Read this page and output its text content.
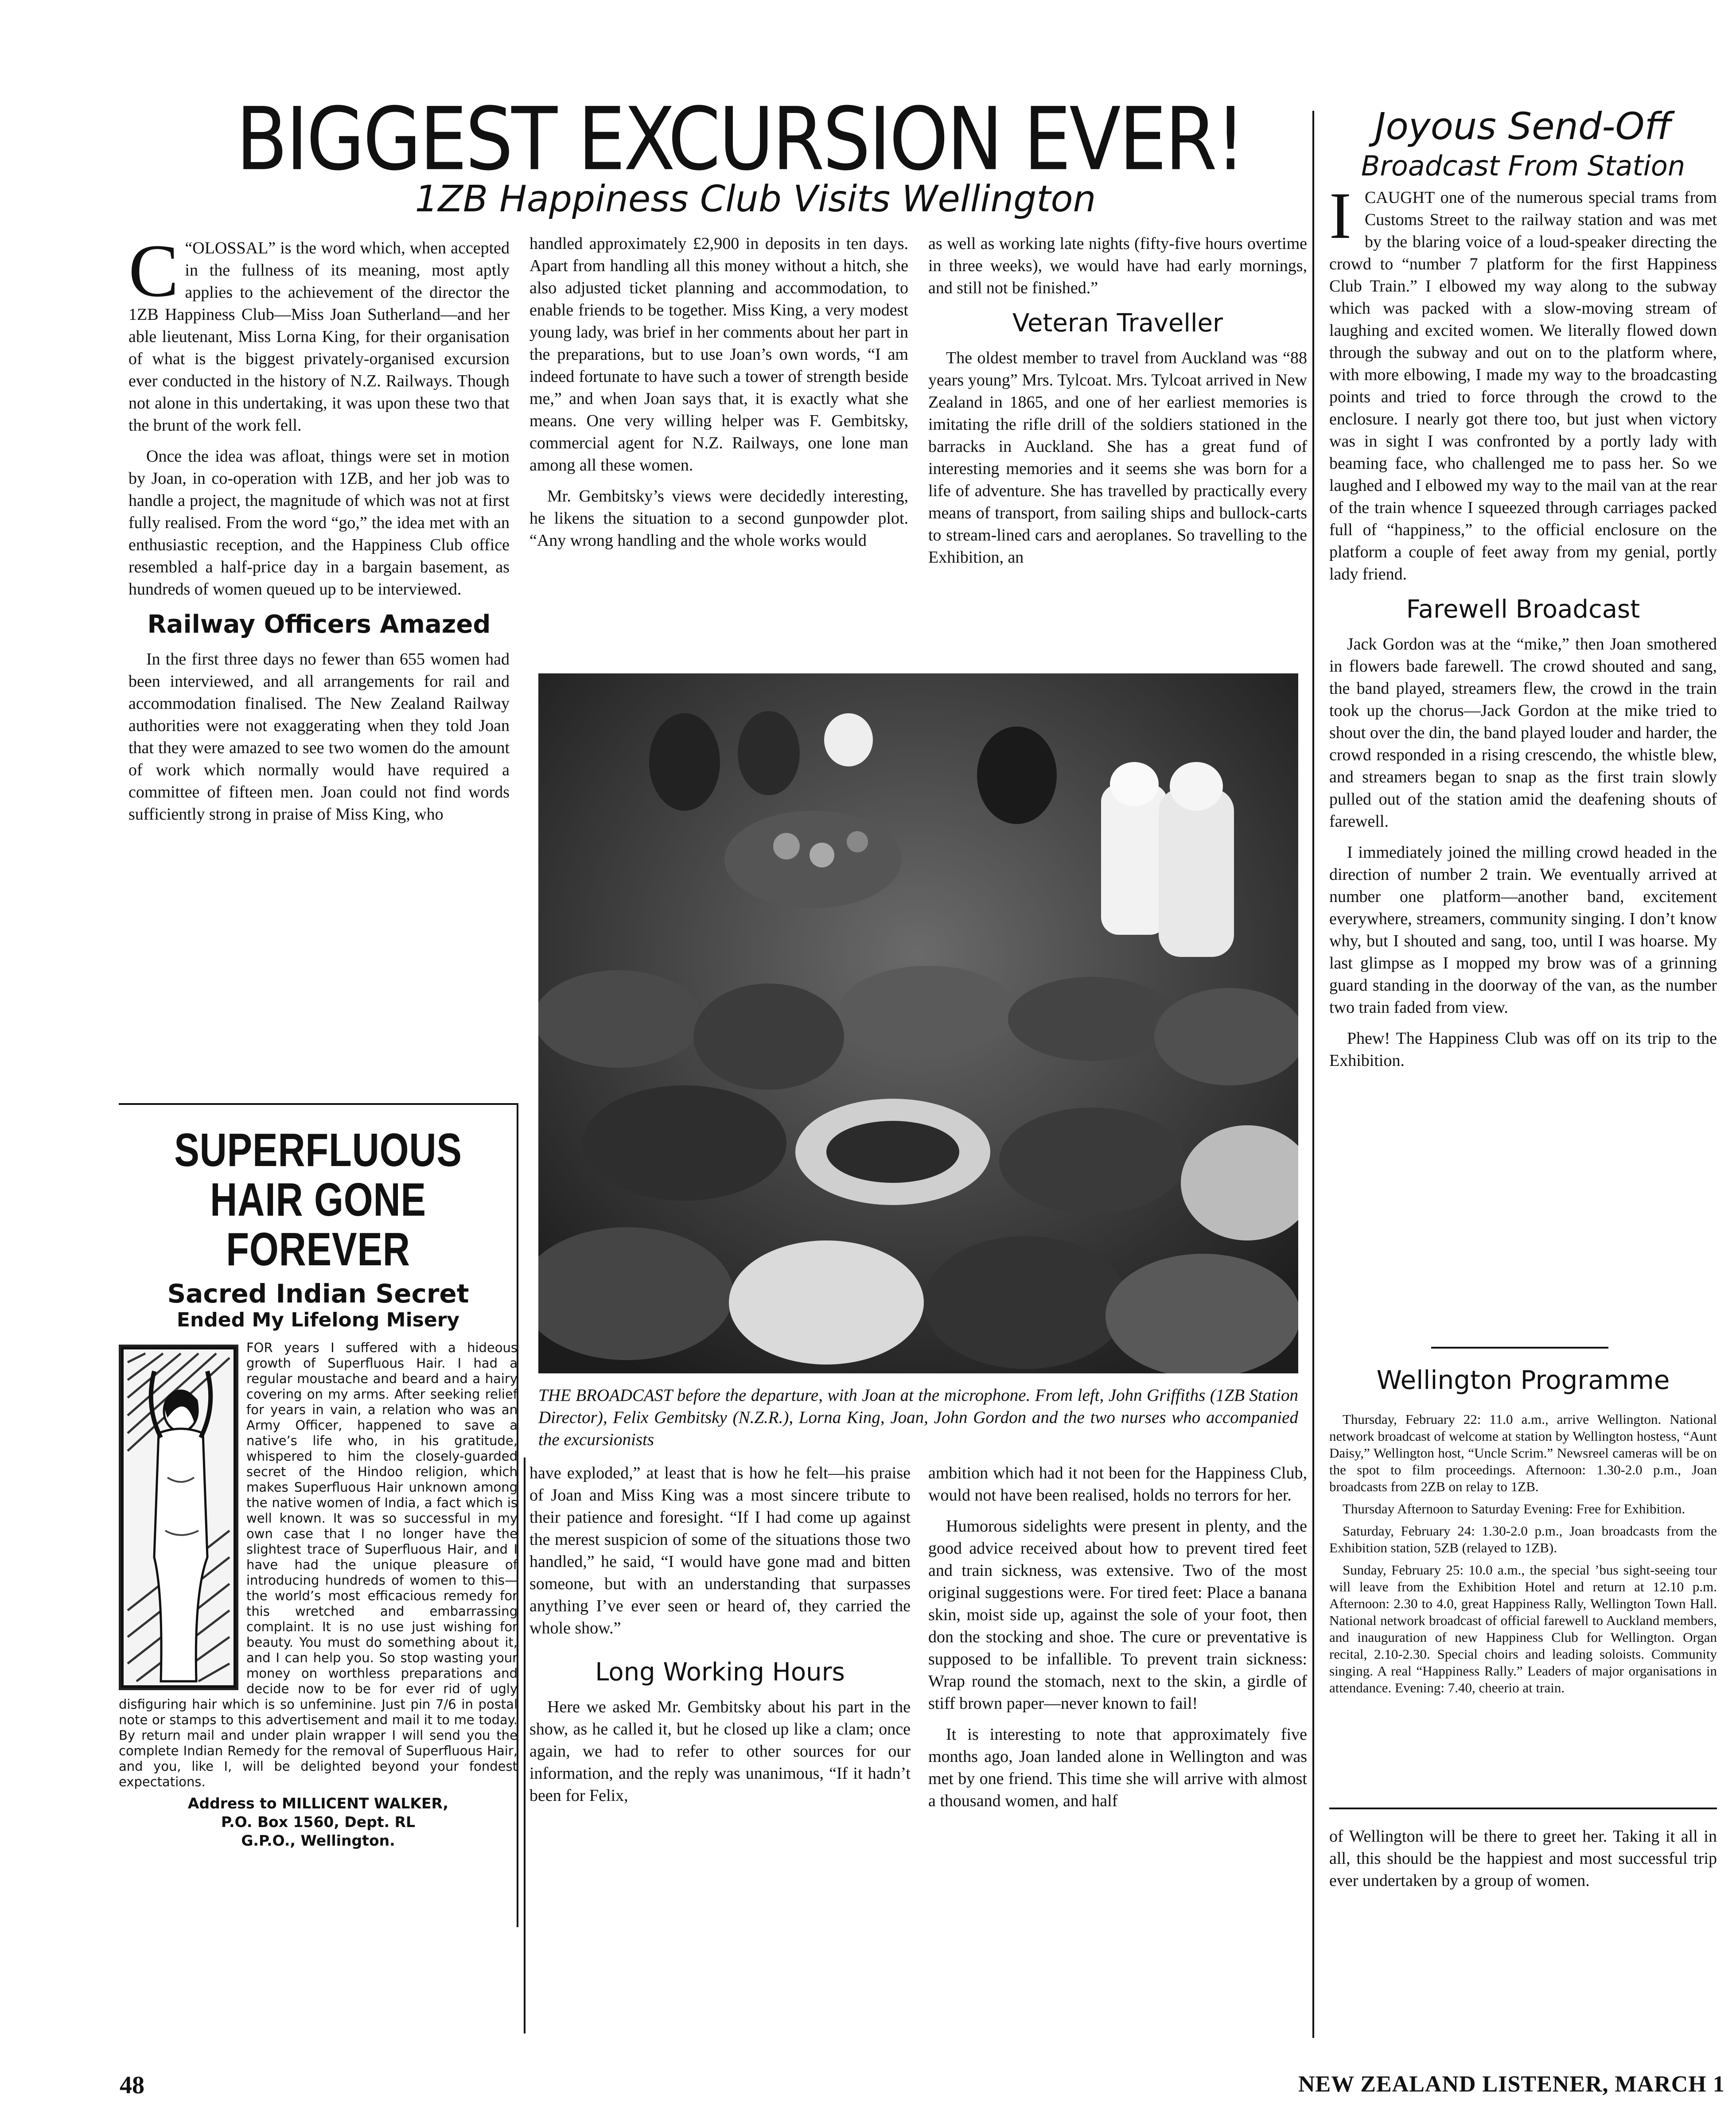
BIGGEST EXCURSION EVER!
1ZB Happiness Club Visits Wellington

C “OLOSSAL” is the word which, when accepted in the fullness of its meaning, most aptly applies to the achievement of the director the 1ZB Happiness Club—Miss Joan Sutherland—and her able lieutenant, Miss Lorna King, for their organisation of what is the biggest privately-organised excursion ever conducted in the history of N.Z. Railways. Though not alone in this undertaking, it was upon these two that the brunt of the work fell.

Once the idea was afloat, things were set in motion by Joan, in co-operation with 1ZB, and her job was to handle a project, the magnitude of which was not at first fully realised. From the word “go,” the idea met with an enthusiastic reception, and the Happiness Club office resembled a half-price day in a bargain basement, as hundreds of women queued up to be interviewed.

Railway Officers Amazed

In the first three days no fewer than 655 women had been interviewed, and all arrangements for rail and accommodation finalised. The New Zealand Railway authorities were not exaggerating when they told Joan that they were amazed to see two women do the amount of work which normally would have required a committee of fifteen men. Joan could not find words sufficiently strong in praise of Miss King, who

handled approximately £2,900 in deposits in ten days. Apart from handling all this money without a hitch, she also adjusted ticket planning and accommodation, to enable friends to be together. Miss King, a very modest young lady, was brief in her comments about her part in the preparations, but to use Joan’s own words, “I am indeed fortunate to have such a tower of strength beside me,” and when Joan says that, it is exactly what she means. One very willing helper was F. Gembitsky, commercial agent for N.Z. Railways, one lone man among all these women.

Mr. Gembitsky’s views were decidedly interesting, he likens the situation to a second gunpowder plot. “Any wrong handling and the whole works would

as well as working late nights (fifty-five hours overtime in three weeks), we would have had early mornings, and still not be finished.”

Veteran Traveller

The oldest member to travel from Auckland was “88 years young” Mrs. Tylcoat. Mrs. Tylcoat arrived in New Zealand in 1865, and one of her earliest memories is imitating the rifle drill of the soldiers stationed in the barracks in Auckland. She has a great fund of interesting memories and it seems she was born for a life of adventure. She has travelled by practically every means of transport, from sailing ships and bullock-carts to stream-lined cars and aeroplanes. So travelling to the Exhibition, an

THE BROADCAST before the departure, with Joan at the microphone. From left, John Griffiths (1ZB Station Director), Felix Gembitsky (N.Z.R.), Lorna King, Joan, John Gordon and the two nurses who accompanied the excursionists
Joyous Send-Off
Broadcast From Station

ICAUGHT one of the numerous special trams from Customs Street to the railway station and was met by the blaring voice of a loud-speaker directing the crowd to “number 7 platform for the first Happiness Club Train.” I elbowed my way along to the subway which was packed with a slow-moving stream of laughing and excited women. We literally flowed down through the subway and out on to the platform where, with more elbowing, I made my way to the broadcasting points and tried to force through the crowd to the enclosure. I nearly got there too, but just when victory was in sight I was confronted by a portly lady with beaming face, who challenged me to pass her. So we laughed and I elbowed my way to the mail van at the rear of the train whence I squeezed through carriages packed full of “happiness,” to the official enclosure on the platform a couple of feet away from my genial, portly lady friend.

Farewell Broadcast

Jack Gordon was at the “mike,” then Joan smothered in flowers bade farewell. The crowd shouted and sang, the band played, streamers flew, the crowd in the train took up the chorus—Jack Gordon at the mike tried to shout over the din, the band played louder and harder, the crowd responded in a rising crescendo, the whistle blew, and streamers began to snap as the first train slowly pulled out of the station amid the deafening shouts of farewell.

I immediately joined the milling crowd headed in the direction of number 2 train. We eventually arrived at number one platform—another band, excitement everywhere, streamers, community singing. I don’t know why, but I shouted and sang, too, until I was hoarse. My last glimpse as I mopped my brow was of a grinning guard standing in the doorway of the van, as the number two train faded from view.

Phew! The Happiness Club was off on its trip to the Exhibition.

Wellington Programme

Thursday, February 22: 11.0 a.m., arrive Wellington. National network broadcast of welcome at station by Wellington hostess, “Aunt Daisy,” Wellington host, “Uncle Scrim.” Newsreel cameras will be on the spot to film proceedings. Afternoon: 1.30-2.0 p.m., Joan broadcasts from 2ZB on relay to 1ZB.

Thursday Afternoon to Saturday Evening: Free for Exhibition.

Saturday, February 24: 1.30-2.0 p.m., Joan broadcasts from the Exhibition station, 5ZB (relayed to 1ZB).

Sunday, February 25: 10.0 a.m., the special ’bus sight-seeing tour will leave from the Exhibition Hotel and return at 12.10 p.m. Afternoon: 2.30 to 4.0, great Happiness Rally, Wellington Town Hall. National network broadcast of official farewell to Auckland members, and inauguration of new Happiness Club for Wellington. Organ recital, 2.10-2.30. Special choirs and leading soloists. Community singing. A real “Happiness Rally.” Leaders of major organisations in attendance. Evening: 7.40, cheerio at train.

have exploded,” at least that is how he felt—his praise of Joan and Miss King was a most sincere tribute to their patience and foresight. “If I had come up against the merest suspicion of some of the situations those two handled,” he said, “I would have gone mad and bitten someone, but with an understanding that surpasses anything I’ve ever seen or heard of, they carried the whole show.”

Long Working Hours

Here we asked Mr. Gembitsky about his part in the show, as he called it, but he closed up like a clam; once again, we had to refer to other sources for our information, and the reply was unanimous, “If it hadn’t been for Felix,

ambition which had it not been for the Happiness Club, would not have been realised, holds no terrors for her.

Humorous sidelights were present in plenty, and the good advice received about how to prevent tired feet and train sickness, was extensive. Two of the most original suggestions were. For tired feet: Place a banana skin, moist side up, against the sole of your foot, then don the stocking and shoe. The cure or preventative is supposed to be infallible. To prevent train sickness: Wrap round the stomach, next to the skin, a girdle of stiff brown paper—never known to fail!

It is interesting to note that approximately five months ago, Joan landed alone in Wellington and was met by one friend. This time she will arrive with almost a thousand women, and half

of Wellington will be there to greet her. Taking it all in all, this should be the happiest and most successful trip ever undertaken by a group of women.

SUPERFLUOUS HAIR GONE FOREVER
Sacred Indian Secret
Ended My Lifelong Misery
FOR years I suffered with a hideous growth of Superfluous Hair. I had a regular moustache and beard and a hairy covering on my arms. After seeking relief for years in vain, a relation who was an Army Officer, happened to save a native’s life who, in his gratitude, whispered to him the closely-guarded secret of the Hindoo religion, which makes Superfluous Hair unknown among the native women of India, a fact which is well known. It was so successful in my own case that I no longer have the slightest trace of Superfluous Hair, and I have had the unique pleasure of introducing hundreds of women to this—the world’s most efficacious remedy for this wretched and embarrassing complaint. It is no use just wishing for beauty. You must do something about it, and I can help you. So stop wasting your money on worthless preparations and decide now to be for ever rid of ugly disfiguring hair which is so unfeminine. Just pin 7/6 in postal note or stamps to this advertisement and mail it to me today. By return mail and under plain wrapper I will send you the complete Indian Remedy for the removal of Superfluous Hair, and you, like I, will be delighted beyond your fondest expectations.
Address to MILLICENT WALKER,
P.O. Box 1560, Dept. RL
G.P.O., Wellington.
48	NEW ZEALAND LISTENER, MARCH 1
